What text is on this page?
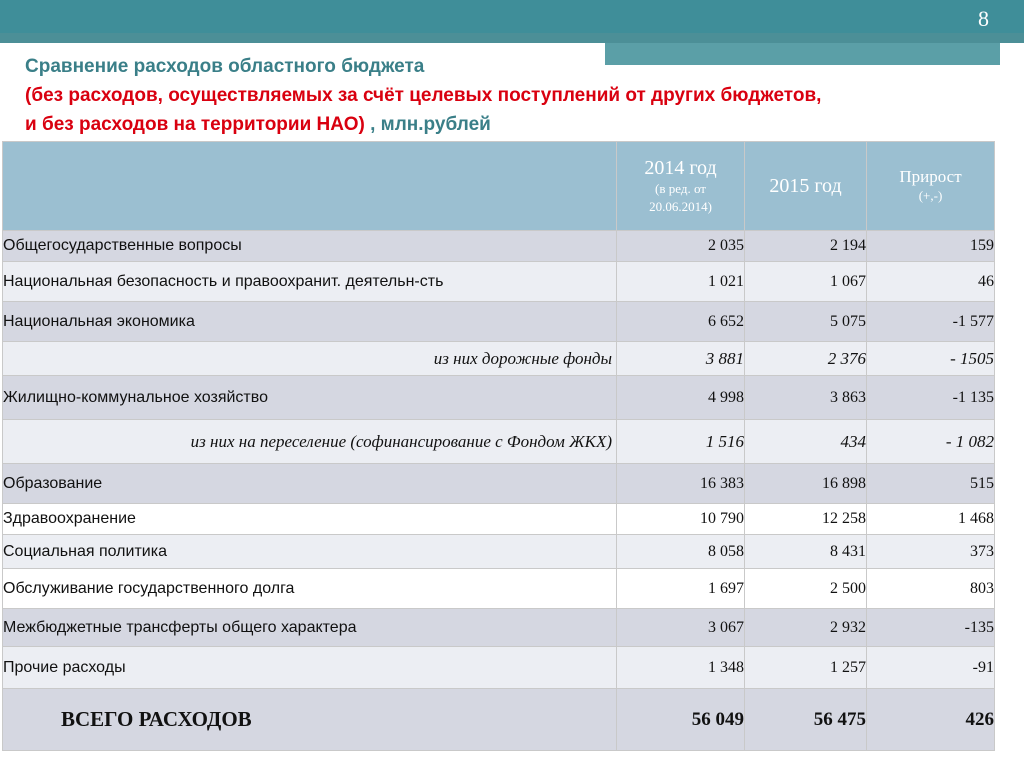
8
Сравнение расходов областного бюджета
(без расходов, осуществляемых за счёт целевых поступлений от других бюджетов,
и без расходов на территории НАО) , млн.рублей

	2014 год
(в ред. от
20.06.2014)	2015 год	Прирост
(+,-)

Общегосударственные вопросы	2 035	2 194	159
Национальная безопасность и правоохранит. деятельн-сть	1 021	1 067	46
Национальная экономика	6 652	5 075	-1 577
из них дорожные фонды	3 881	2 376	- 1505
Жилищно-коммунальное хозяйство	4 998	3 863	-1 135
из них на переселение (софинансирование с Фондом ЖКХ)	1 516	434	- 1 082
Образование	16 383	16 898	515
Здравоохранение	10 790	12 258	1 468
Социальная политика	8 058	8 431	373
Обслуживание государственного долга	1 697	2 500	803
Межбюджетные трансферты общего характера	3 067	2 932	-135
Прочие расходы	1 348	1 257	-91
ВСЕГО РАСХОДОВ	56 049	56 475	426
